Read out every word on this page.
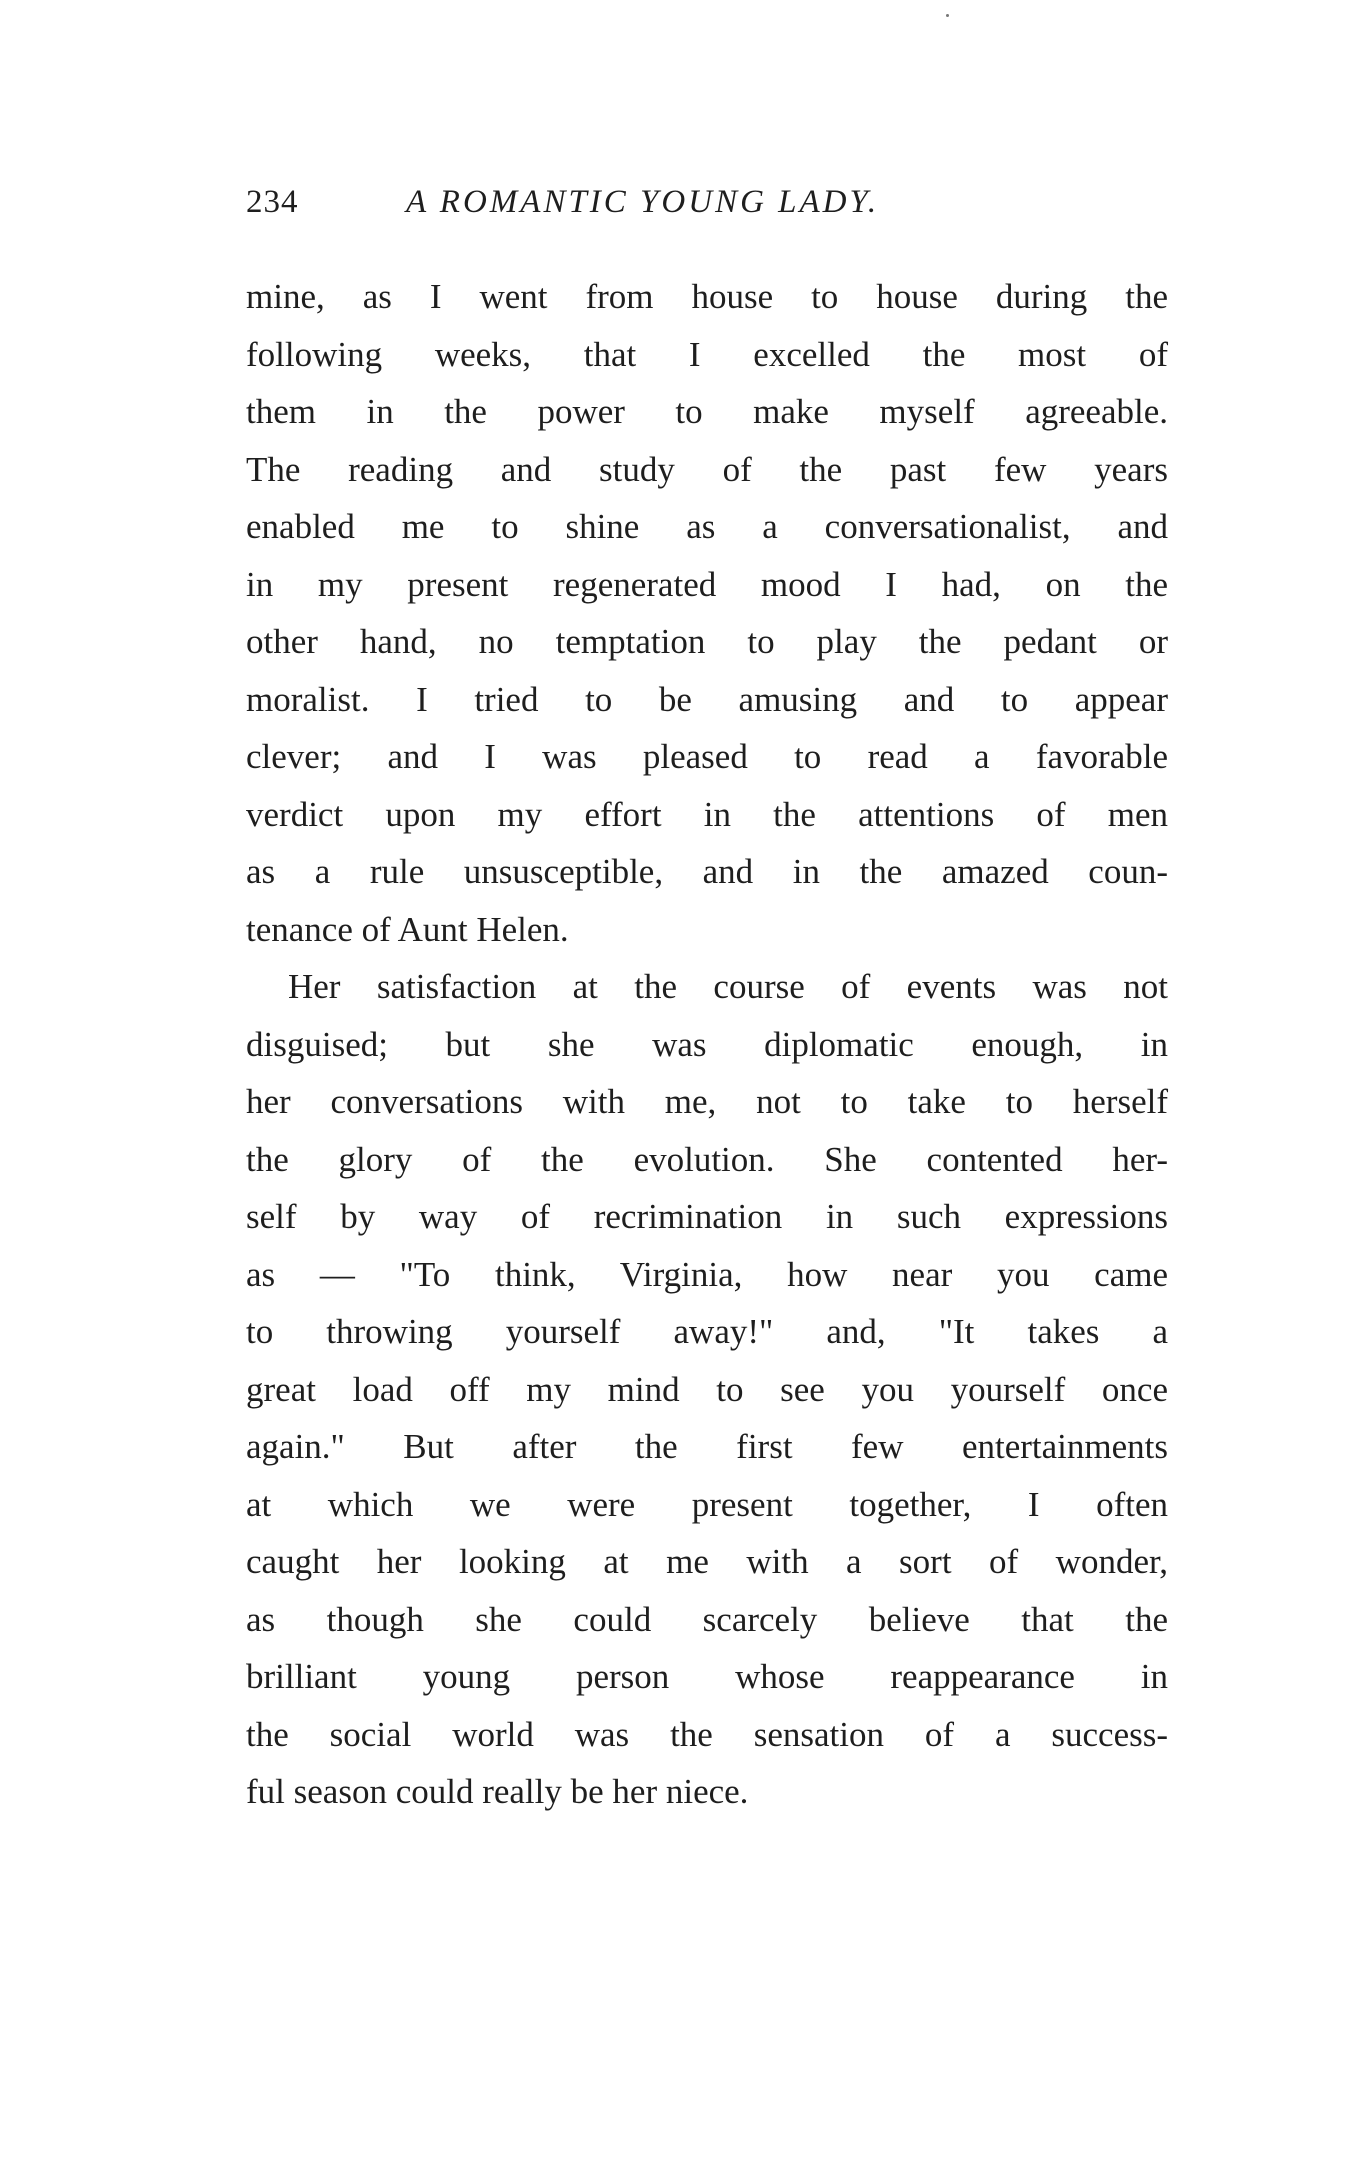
234	A ROMANTIC YOUNG LADY.
mine, as I went from house to house during the
following weeks, that I excelled the most of
them in the power to make myself agreeable.
The reading and study of the past few years
enabled me to shine as a conversationalist, and
in my present regenerated mood I had, on the
other hand, no temptation to play the pedant or
moralist. I tried to be amusing and to appear
clever; and I was pleased to read a favorable
verdict upon my effort in the attentions of men
as a rule unsusceptible, and in the amazed coun-
tenance of Aunt Helen.
Her satisfaction at the course of events was not
disguised; but she was diplomatic enough, in
her conversations with me, not to take to herself
the glory of the evolution. She contented her-
self by way of recrimination in such expressions
as — "To think, Virginia, how near you came
to throwing yourself away!" and, "It takes a
great load off my mind to see you yourself once
again." But after the first few entertainments
at which we were present together, I often
caught her looking at me with a sort of wonder,
as though she could scarcely believe that the
brilliant young person whose reappearance in
the social world was the sensation of a success-
ful season could really be her niece.
